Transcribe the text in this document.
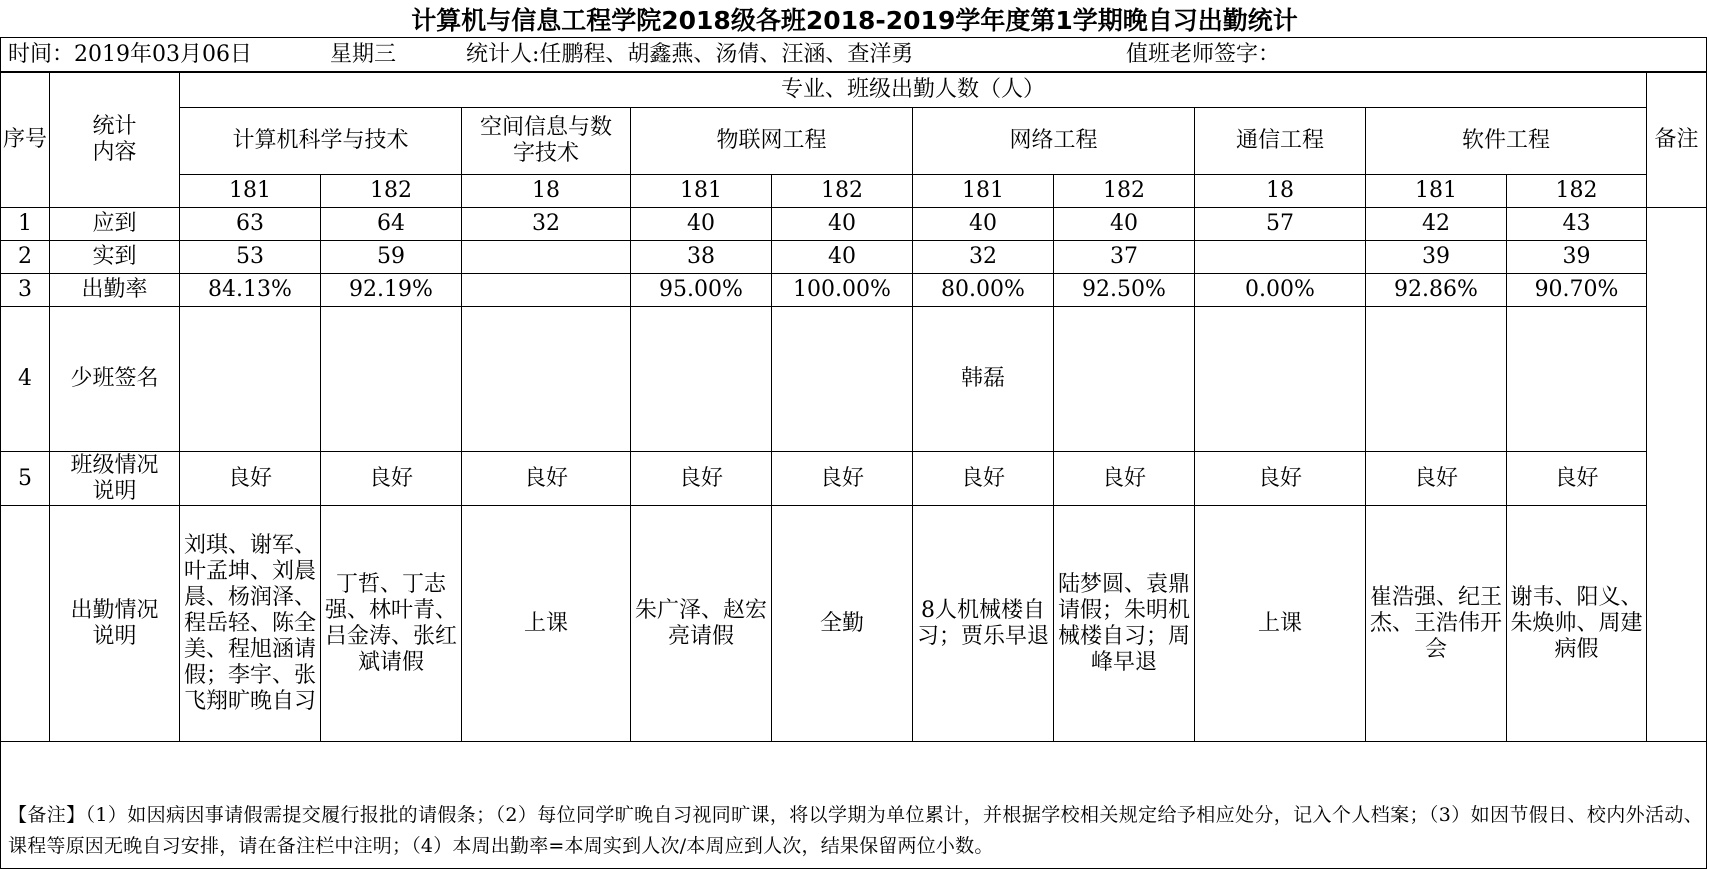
计算机与信息工程学院2018级各班2018-2019学年度第1学期晚自习出勤统计
时间：2019年03月06日	星期三	统计人:任鹏程、胡鑫燕、汤倩、汪涵、查洋勇	值班老师签字：
序号	统计内容	专业、班级出勤人数（人）										备注
		计算机科学与技术		空间信息与数字技术	物联网工程		网络工程		通信工程	软件工程		
		181	182	18	181	182	181	182	18	181	182	
1	应到	63	64	32	40	40	40	40	57	42	43	
2	实到	53	59		38	40	32	37		39	39	
3	出勤率	84.13%	92.19%		95.00%	100.00%	80.00%	92.50%	0.00%	92.86%	90.70%	
4	少班签名						韩磊					
5	班级情况说明	良好	良好	良好	良好	良好	良好	良好	良好	良好	良好	
	出勤情况说明	刘琪、谢军、叶孟坤、刘晨晨、杨润泽、程岳轻、陈全美、程旭涵请假；李宇、张飞翔旷晚自习	丁哲、丁志强、林叶青、吕金涛、张红斌请假	上课	朱广泽、赵宏亮请假	全勤	8人机械楼自习；贾乐早退	陆梦圆、袁鼎请假；朱明机械楼自习；周峰早退	上课	崔浩强、纪王杰、王浩伟开会	谢韦、阳义、朱焕帅、周建病假	
【备注】（1）如因病因事请假需提交履行报批的请假条；（2）每位同学旷晚自习视同旷课，将以学期为单位累计，并根据学校相关规定给予相应处分，记入个人档案；（3）如因节假日、校内外活动、课程等原因无晚自习安排，请在备注栏中注明；（4）本周出勤率=本周实到人次/本周应到人次，结果保留两位小数。
